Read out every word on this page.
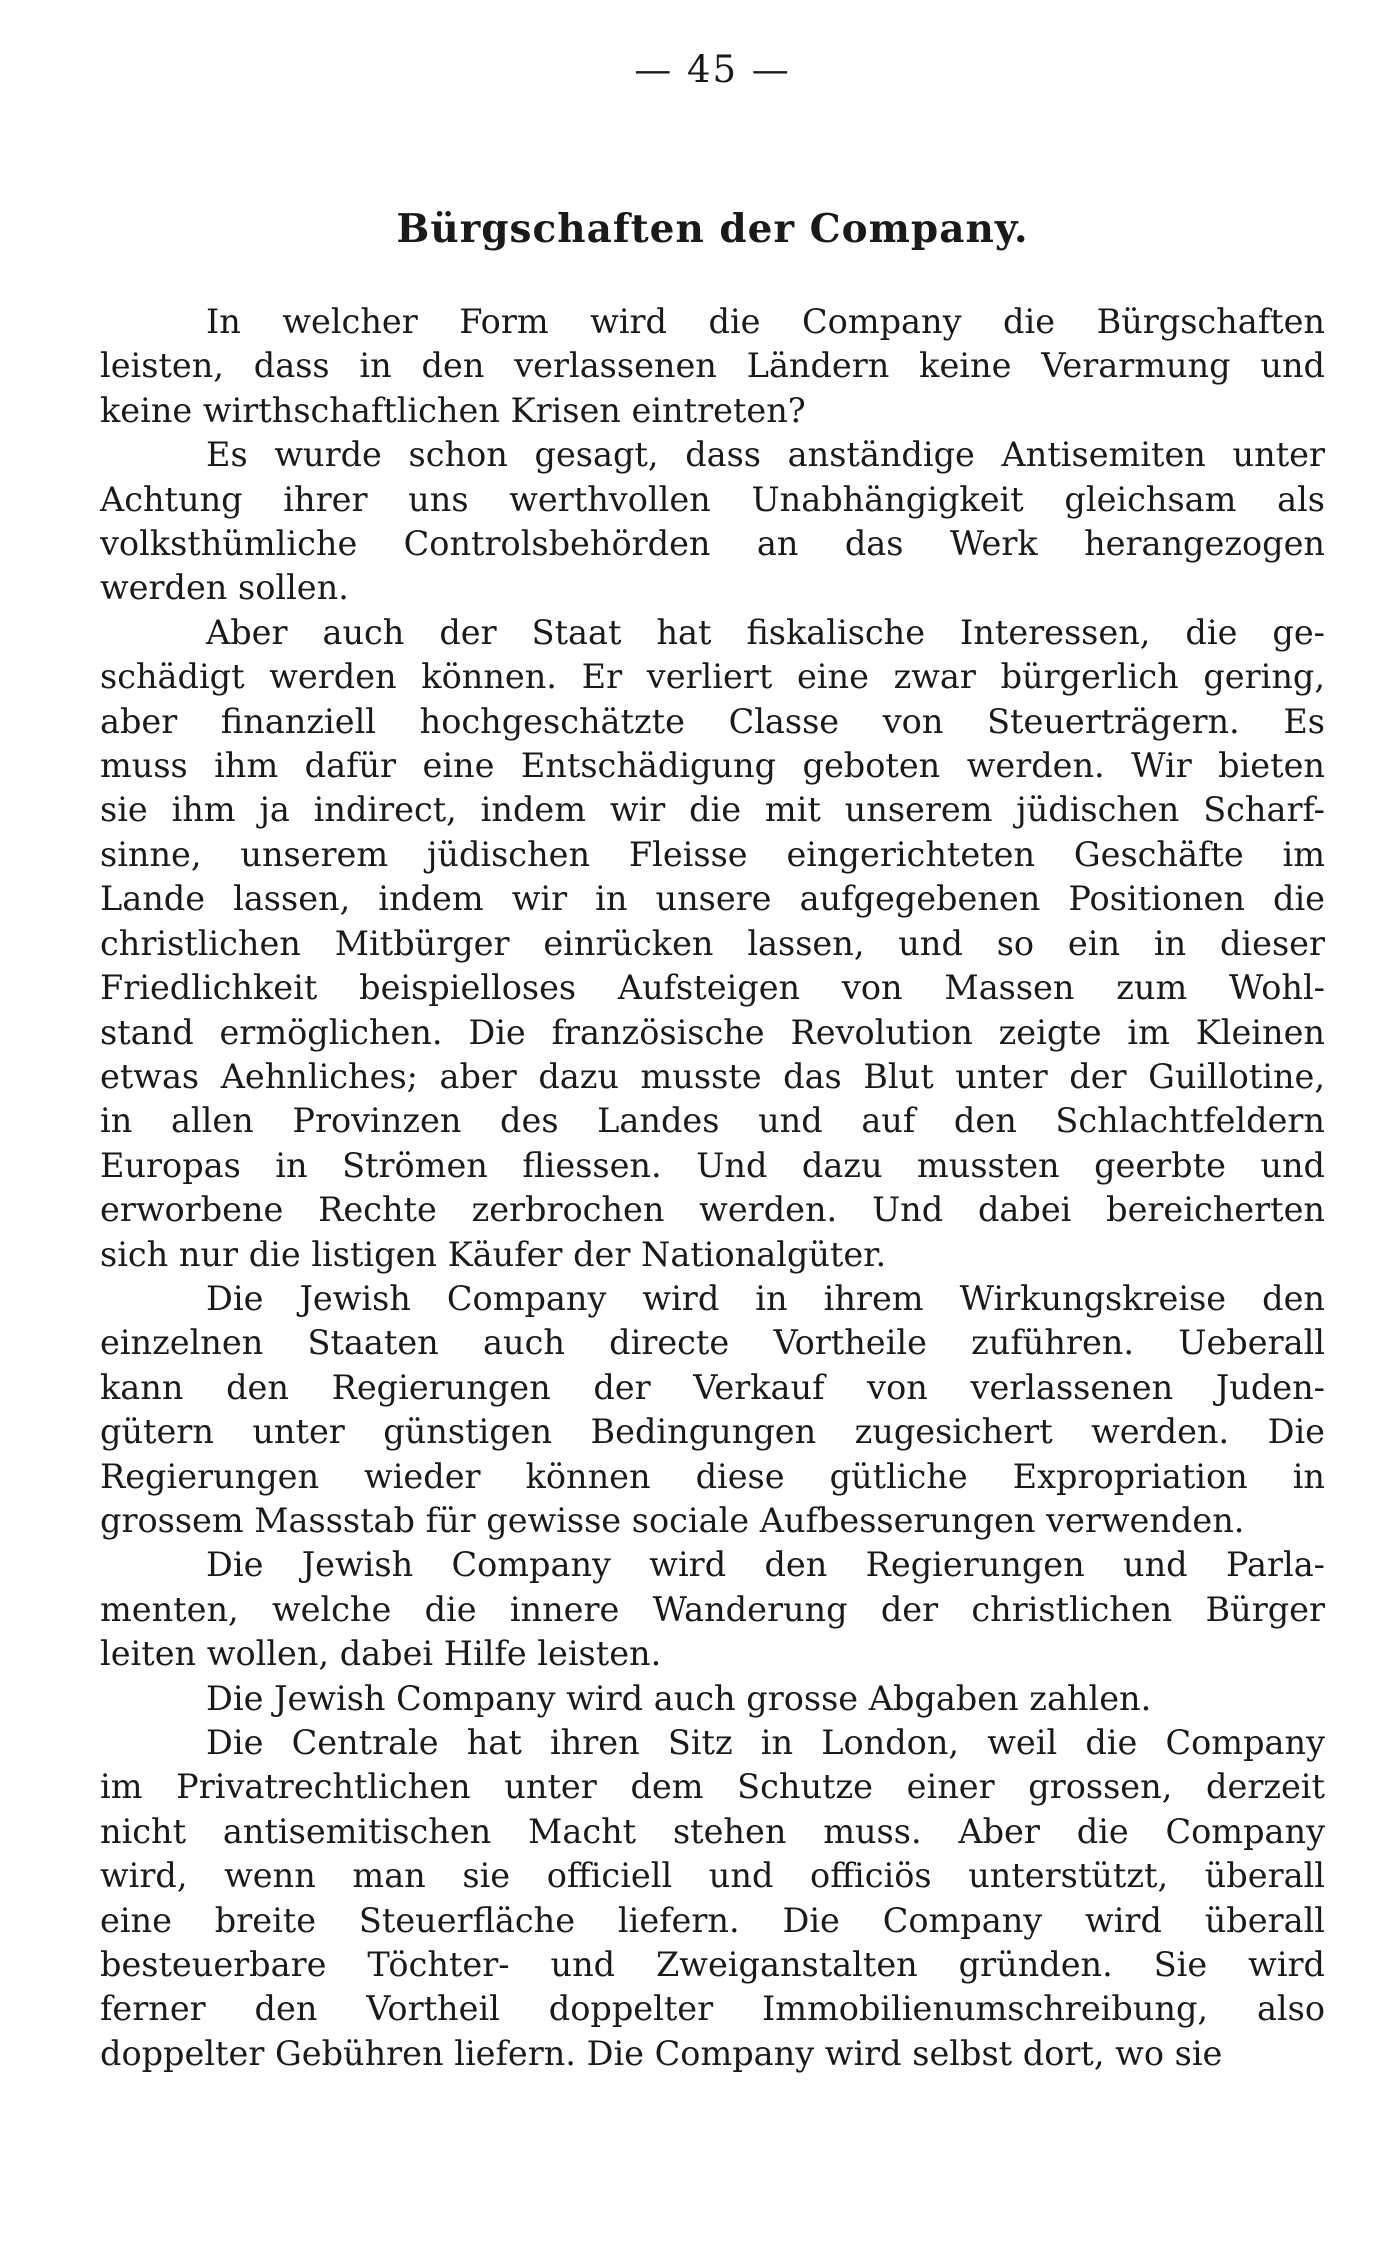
— 45 —
Bürgschaften der Company.
In welcher Form wird die Company die Bürgschaften
leisten, dass in den verlassenen Ländern keine Verarmung und
keine wirthschaftlichen Krisen eintreten?
Es wurde schon gesagt, dass anständige Antisemiten unter
Achtung ihrer uns werthvollen Unabhängigkeit gleichsam als
volksthümliche Controlsbehörden an das Werk herangezogen
werden sollen.
Aber auch der Staat hat fiskalische Interessen, die ge-
schädigt werden können. Er verliert eine zwar bürgerlich gering,
aber finanziell hochgeschätzte Classe von Steuerträgern. Es
muss ihm dafür eine Entschädigung geboten werden. Wir bieten
sie ihm ja indirect, indem wir die mit unserem jüdischen Scharf-
sinne, unserem jüdischen Fleisse eingerichteten Geschäfte im
Lande lassen, indem wir in unsere aufgegebenen Positionen die
christlichen Mitbürger einrücken lassen, und so ein in dieser
Friedlichkeit beispielloses Aufsteigen von Massen zum Wohl-
stand ermöglichen. Die französische Revolution zeigte im Kleinen
etwas Aehnliches; aber dazu musste das Blut unter der Guillotine,
in allen Provinzen des Landes und auf den Schlachtfeldern
Europas in Strömen fliessen. Und dazu mussten geerbte und
erworbene Rechte zerbrochen werden. Und dabei bereicherten
sich nur die listigen Käufer der Nationalgüter.
Die Jewish Company wird in ihrem Wirkungskreise den
einzelnen Staaten auch directe Vortheile zuführen. Ueberall
kann den Regierungen der Verkauf von verlassenen Juden-
gütern unter günstigen Bedingungen zugesichert werden. Die
Regierungen wieder können diese gütliche Expropriation in
grossem Massstab für gewisse sociale Aufbesserungen verwenden.
Die Jewish Company wird den Regierungen und Parla-
menten, welche die innere Wanderung der christlichen Bürger
leiten wollen, dabei Hilfe leisten.
Die Jewish Company wird auch grosse Abgaben zahlen.
Die Centrale hat ihren Sitz in London, weil die Company
im Privatrechtlichen unter dem Schutze einer grossen, derzeit
nicht antisemitischen Macht stehen muss. Aber die Company
wird, wenn man sie officiell und officiös unterstützt, überall
eine breite Steuerfläche liefern. Die Company wird überall
besteuerbare Töchter- und Zweiganstalten gründen. Sie wird
ferner den Vortheil doppelter Immobilienumschreibung, also
doppelter Gebühren liefern. Die Company wird selbst dort, wo sie
